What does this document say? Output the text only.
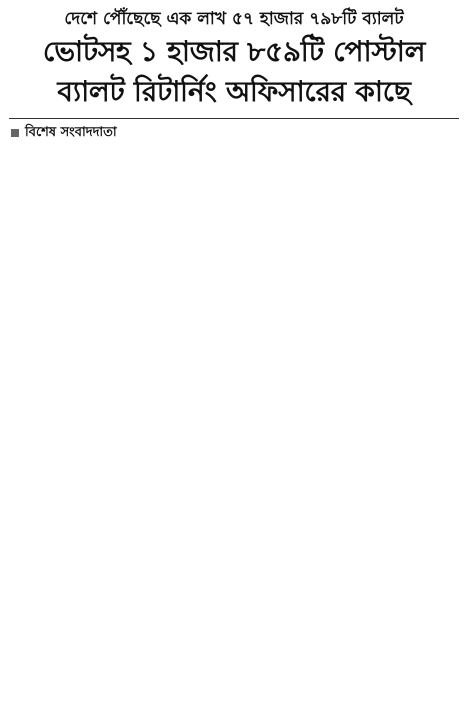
দেশে পৌঁছেছে এক লাখ ৫৭ হাজার ৭৯৮টি ব্যালট
ভোটসহ ১ হাজার ৮৫৯টি পোস্টাল
ব্যালট রিটার্নিং অফিসারের কাছে
বিশেষ সংবাদদাতা
